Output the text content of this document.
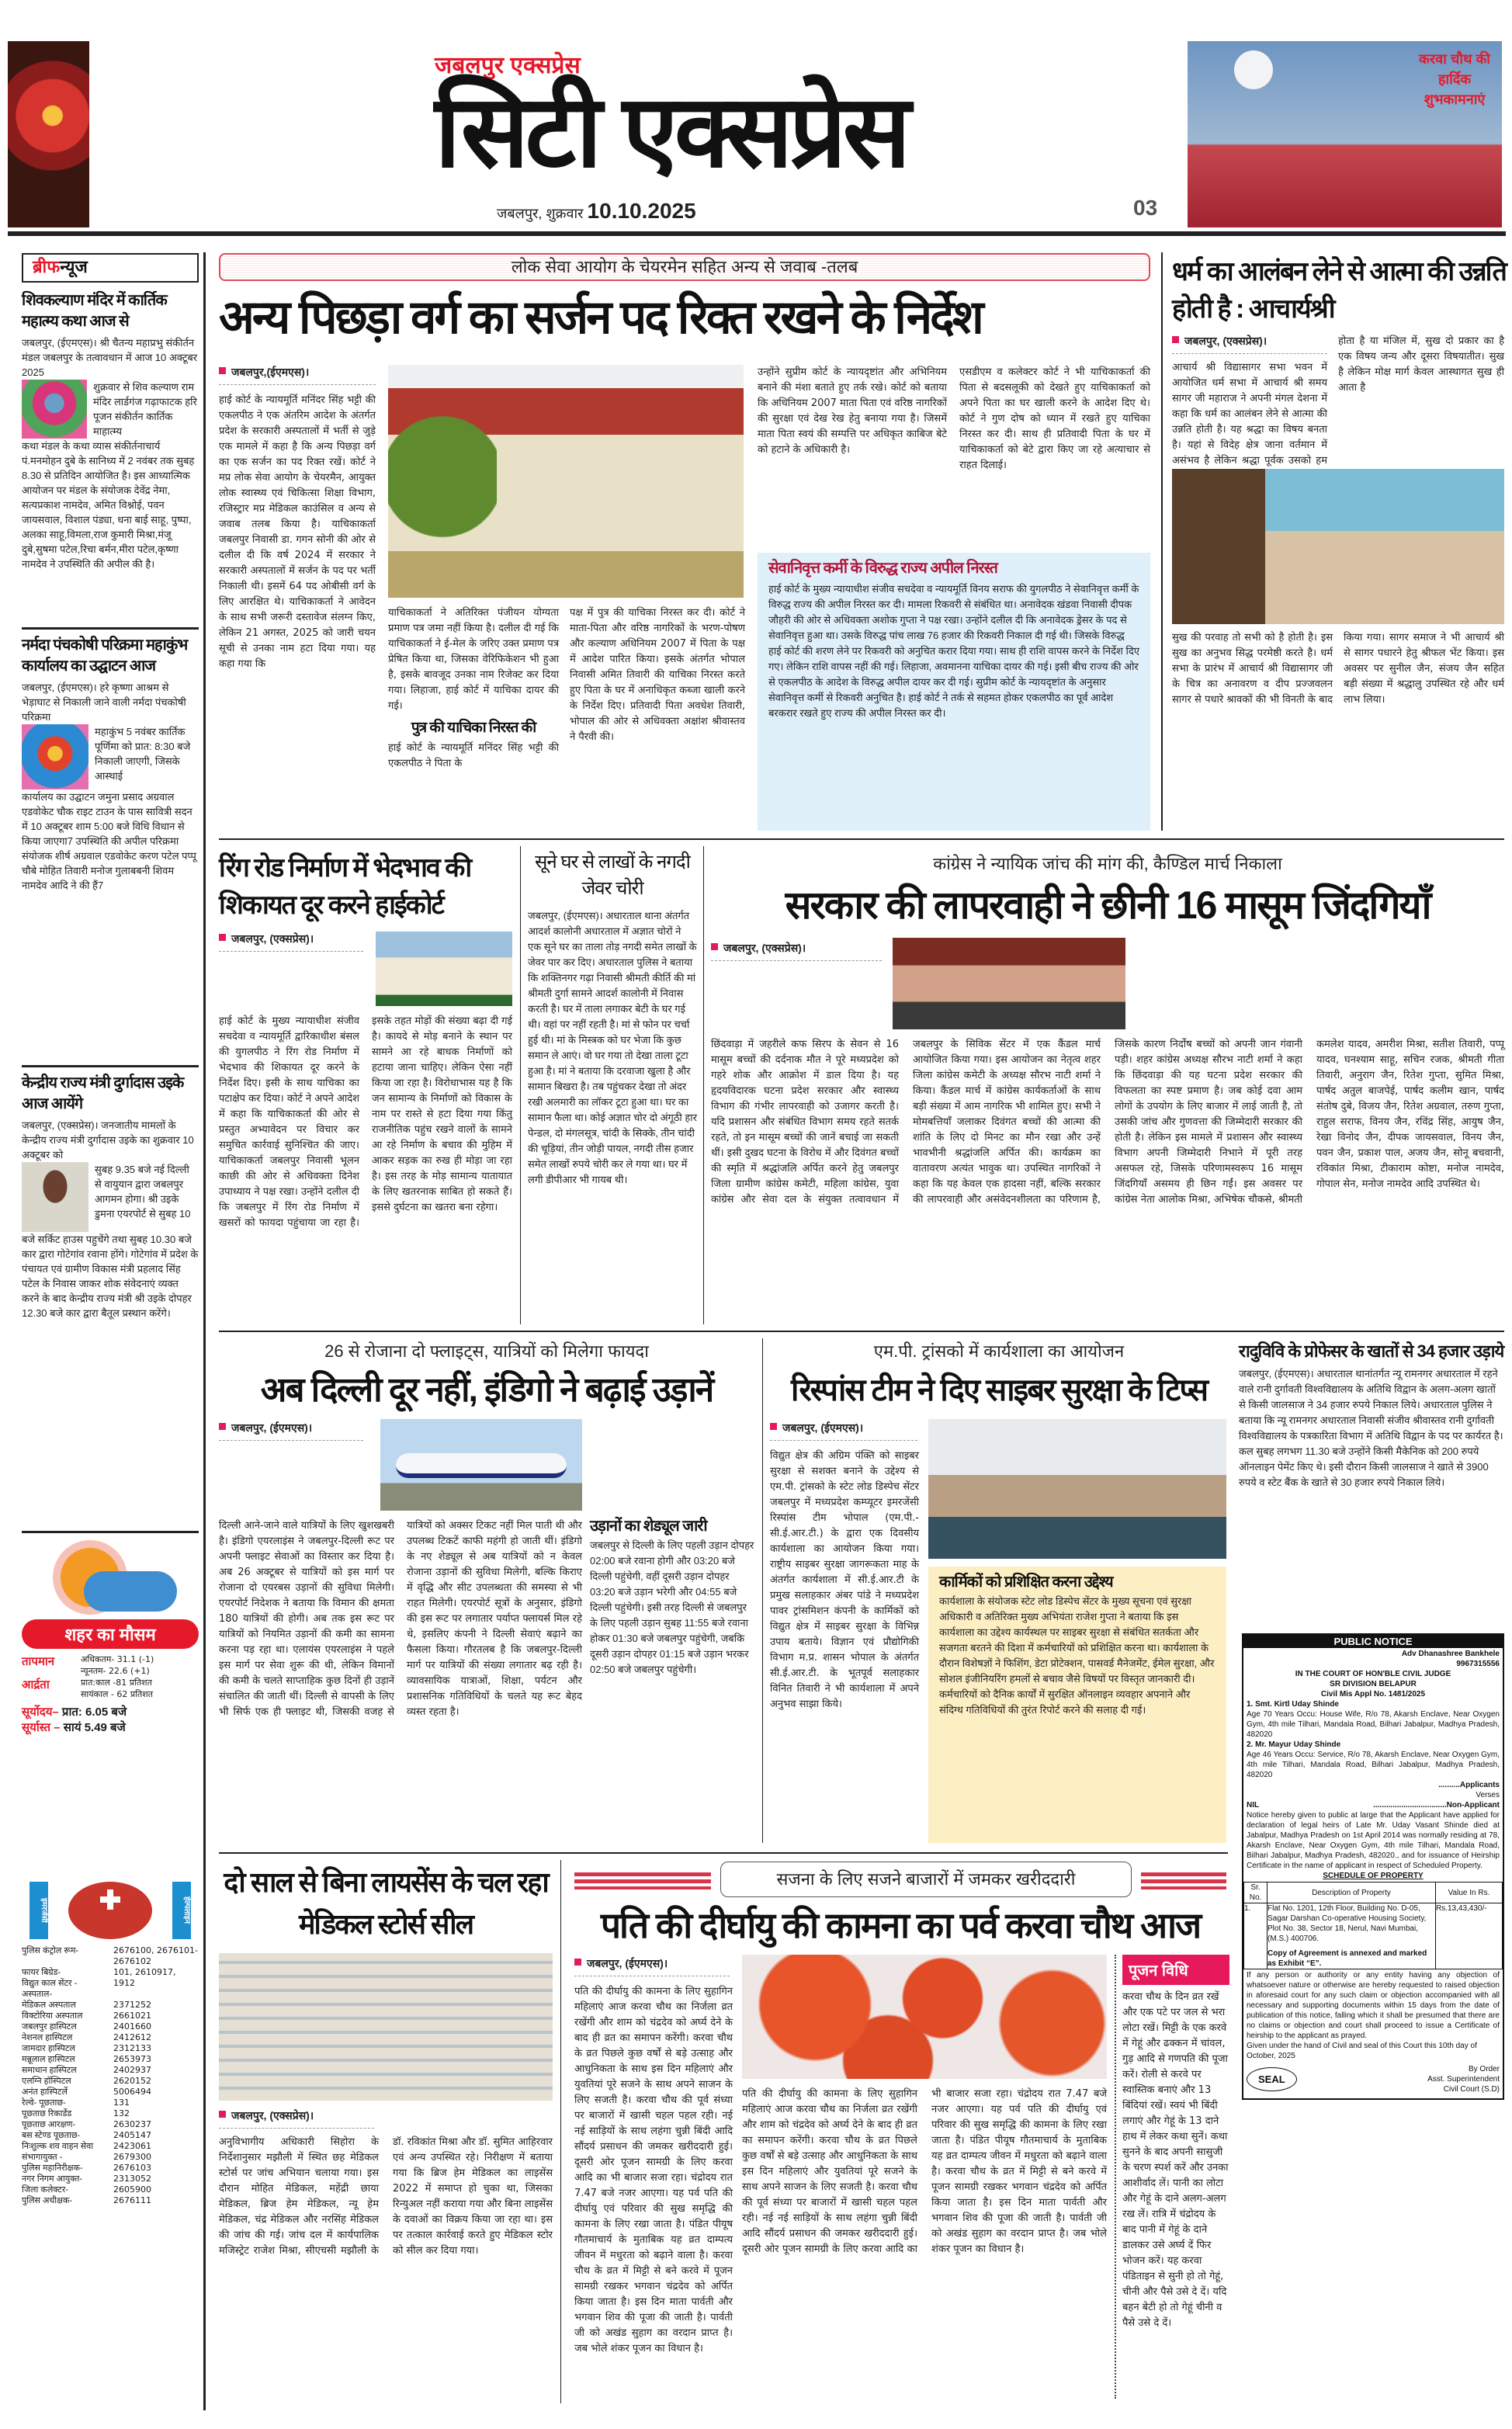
जबलपुर एक्सप्रेस
सिटी एक्सप्रेस
जबलपुर, शुक्रवार 10.10.2025	03
करवा चौथ की हार्दिक शुभकामनाएं
ब्रीफन्यूज
शिवकल्याण मंदिर में कार्तिक महात्म्य कथा आज से
जबलपुर, (ईएमएस)। श्री चैतन्य महाप्रभु संकीर्तन मंडल जबलपुर के तत्वावधान में आज 10 अक्टूबर 2025
शुक्रवार से शिव कल्याण राम मंदिर लार्डगंज गढ़ाफाटक हरि पूजन संकीर्तन कार्तिक माहात्म्य
कथा मंडल के कथा व्यास संकीर्तनाचार्य पं.मनमोहन दुबे के सानिध्य में 2 नवंबर तक सुबह 8.30 से प्रतिदिन आयोजित है। इस आध्यात्मिक आयोजन पर मंडल के संयोजक देवेंद्र नेमा, सत्यप्रकाश नामदेव, अमित विश्नोई, पवन जायसवाल, विशाल पंड्या, धना बाई साहू, पुष्पा, अलका साहू,विमला,राज कुमारी मिश्रा,मंजू दुबे,सुषमा पटेल,रिचा बर्मन,मीरा पटेल,कृष्णा नामदेव ने उपस्थिति की अपील की है।
नर्मदा पंचकोषी परिक्रमा महाकुंभ कार्यालय का उद्घाटन आज
जबलपुर, (ईएमएस)। हरे कृष्णा आश्रम से भेड़ाघाट से निकाली जाने वाली नर्मदा पंचकोषी परिक्रमा
महाकुंभ 5 नवंबर कार्तिक पूर्णिमा को प्रात: 8:30 बजे निकाली जाएगी, जिसके आस्थाई
कार्यालय का उद्घाटन जमुना प्रसाद अग्रवाल एडवोकेट चौक राइट टाउन के पास सावित्री सदन में 10 अक्टूबर शाम 5:00 बजे विधि विधान से किया जाएगा7 उपस्थिति की अपील परिक्रमा संयोजक शीर्ष अग्रवाल एडवोकेट करण पटेल पप्पू चौबे मोहित तिवारी मनोज गुलाबबनी शिवम नामदेव आदि ने की हैं7
केन्द्रीय राज्य मंत्री दुर्गादास उइके आज आयेंगे
जबलपुर, (एक्सप्रेस)। जनजातीय मामलों के केन्द्रीय राज्य मंत्री दुर्गादास उइके का शुक्रवार 10 अक्टूबर को
सुबह 9.35 बजे नई दिल्ली से वायुयान द्वारा जबलपुर आगमन होगा। श्री उइके डुमना एयरपोर्ट से सुबह 10
बजे सर्किट हाउस पहुचेंगे तथा सुबह 10.30 बजे कार द्वारा गोटेगांव रवाना होंगे। गोटेगांव में प्रदेश के पंचायत एवं ग्रामीण विकास मंत्री प्रहलाद सिंह पटेल के निवास जाकर शोक संवेदनाएं व्यक्त करने के बाद केन्द्रीय राज्य मंत्री श्री उइके दोपहर 12.30 बजे कार द्वारा बैतूल प्रस्थान करेंगे।
शहर का मौसम
तापमान	अधिकतम- 31.1 (-1)
न्यूनतम- 22.6 (+1)
आर्द्रता	प्रात:काल -81 प्रतिशत
सायंकाल - 62 प्रतिशत
सूर्योदय– प्रात: 6.05 बजे
सूर्यास्त – सायं 5.49 बजे
इमरजेंसी	हेल्पलाइन
पुलिस कंट्रोल रूम-	2676100, 2676101-2676102
फायर बिग्रेड-	101, 2610917,
विद्युत काल सेंटर -	1912
अस्पताल-
मेडिकल अस्पताल	2371252
विक्टोरिया अस्पताल	2661021
जबलपुर हास्पिटल	2401660
नेशनल हास्पिटल	2412612
जामदार हास्पिटल	2312133
मन्नूलाल हास्पिटल	2653973
समाधान हास्पिटल	2402937
एलग्नि हॉस्पिटल	2620152
अनंत हास्पिटर्ले	5006494
रेल्वे- पूछताछ-	131
पूछताछ रिकार्डेड	132
पूछताछ आरक्षण-	2630237
बस स्टेण्ड पूछताछ-	2405147
निःशुल्क शव वाहन सेवा	2423061
संभागायुक्त -	2679300
पुलिस महानिरीक्षक-	2676103
नगर निगम आयुक्त-	2313052
जिला कलेक्टर-	2605900
पुलिस अधीक्षक-	2676111
लोक सेवा आयोग के चेयरमेन सहित अन्य से जवाब -तलब
अन्य पिछड़ा वर्ग का सर्जन पद रिक्त रखने के निर्देश
जबलपुर,(ईएमएस)।
हाई कोर्ट के न्यायमूर्ति मनिंदर सिंह भट्टी की एकलपीठ ने एक अंतरिम आदेश के अंतर्गत प्रदेश के सरकारी अस्पतालों में भर्ती से जुड़े एक मामले में कहा है कि अन्य पिछड़ा वर्ग का एक सर्जन का पद रिक्त रखें। कोर्ट ने मप्र लोक सेवा आयोग के चेयरमैन, आयुक्त लोक स्वास्थ्य एवं चिकित्सा शिक्षा विभाग, रजिस्ट्रार मप्र मेडिकल काउंसिल व अन्य से जवाब तलब किया है। याचिकाकर्ता जबलपुर निवासी डा. गगन सोनी की ओर से दलील दी कि वर्ष 2024 में सरकार ने सरकारी अस्पतालों में सर्जन के पद पर भर्ती निकाली थी। इसमें 64 पद ओबीसी वर्ग के लिए आरक्षित थे। याचिकाकर्ता ने आवेदन के साथ सभी जरूरी दस्तावेज संलग्न किए, लेकिन 21 अगस्त, 2025 को जारी चयन सूची से उनका नाम हटा दिया गया। यह कहा गया कि
याचिकाकर्ता ने अतिरिक्त पंजीयन योग्यता प्रमाण पत्र जमा नहीं किया है। दलील दी गई कि याचिकाकर्ता ने ई-मेल के जरिए उक्त प्रमाण पत्र प्रेषित किया था, जिसका वेरिफिकेशन भी हुआ है, इसके बावजूद उनका नाम रिजेक्ट कर दिया गया। लिहाजा, हाई कोर्ट में याचिका दायर की गई।
पुत्र की याचिका निरस्त की
हाई कोर्ट के न्यायमूर्ति मनिंदर सिंह भट्टी की एकलपीठ ने पिता के
पक्ष में पुत्र की याचिका निरस्त कर दी। कोर्ट ने माता-पिता और वरिष्ठ नागरिकों के भरण-पोषण और कल्याण अधिनियम 2007 में पिता के पक्ष में आदेश पारित किया। इसके अंतर्गत भोपाल निवासी अमित तिवारी की याचिका निरस्त करते हुए पिता के घर में अनाधिकृत कब्जा खाली करने के निर्देश दिए। प्रतिवादी पिता अवधेश तिवारी, भोपाल की ओर से अधिवक्ता अक्षांश श्रीवास्तव ने पैरवी की।
उन्होंने सुप्रीम कोर्ट के न्यायदृष्टांत और अभिनियम बनाने की मंशा बताते हुए तर्क रखे। कोर्ट को बताया कि अधिनियम 2007 माता पिता एवं वरिष्ठ नागरिकों की सुरक्षा एवं देख रेख हेतु बनाया गया है। जिसमें माता पिता स्वयं की सम्पत्ति पर अधिकृत काबिज बेटे को हटाने के अधिकारी है।
एसडीएम व कलेक्टर कोर्ट ने भी याचिकाकर्ता की पिता से बदसलूकी को देखते हुए याचिकाकर्ता को अपने पिता का घर खाली करने के आदेश दिए थे। कोर्ट ने गुण दोष को ध्यान में रखते हुए याचिका निरस्त कर दी। साथ ही प्रतिवादी पिता के घर में याचिकाकर्ता को बेटे द्वारा किए जा रहे अत्याचार से राहत दिलाई।
सेवानिवृत्त कर्मी के विरुद्ध राज्य अपील निरस्त
हाई कोर्ट के मुख्य न्यायाधीश संजीव सचदेवा व न्यायमूर्ति विनय सराफ की युगलपीठ ने सेवानिवृत्त कर्मी के विरुद्ध राज्य की अपील निरस्त कर दी। मामला रिकवरी से संबंधित था। अनावेदक खंडवा निवासी दीपक जौहरी की ओर से अधिवक्ता अशोक गुप्ता ने पक्ष रखा। उन्होंने दलील दी कि अनावेदक ड्रेसर के पद से सेवानिवृत्त हुआ था। उसके विरुद्ध पांच लाख 76 हजार की रिकवरी निकाल दी गई थी। जिसके विरुद्ध हाई कोर्ट की शरण लेने पर रिकवरी को अनुचित करार दिया गया। साथ ही राशि वापस करने के निर्देश दिए गए। लेकिन राशि वापस नहीं की गई। लिहाजा, अवमानना याचिका दायर की गई। इसी बीच राज्य की ओर से एकलपीठ के आदेश के विरुद्ध अपील दायर कर दी गई। सुप्रीम कोर्ट के न्यायदृष्टांत के अनुसार सेवानिवृत्त कर्मी से रिकवरी अनुचित है। हाई कोर्ट ने तर्क से सहमत होकर एकलपीठ का पूर्व आदेश बरकरार रखते हुए राज्य की अपील निरस्त कर दी।
धर्म का आलंबन लेने से आत्मा की उन्नति होती है : आचार्यश्री
जबलपुर, (एक्सप्रेस)।
आचार्य श्री विद्यासागर सभा भवन में आयोजित धर्म सभा में आचार्य श्री समय सागर जी महाराज ने अपनी मंगल देशना में कहा कि धर्म का आलंबन लेने से आत्मा की उन्नति होती है। यह श्रद्धा का विषय बनता है। यहां से विदेह क्षेत्र जाना वर्तमान में असंभव है लेकिन श्रद्धा पूर्वक उसको हम
होता है या मंजिल में, सुख दो प्रकार का है एक विषय जन्य और दूसरा विषयातीत। सुख है लेकिन मोक्ष मार्ग केवल आस्थागत सुख ही आता है
सुख की परवाह तो सभी को है होती है। इस सुख का अनुभव सिद्ध परमेष्ठी करते है। धर्म सभा के प्रारंभ में आचार्य श्री विद्यासागर जी के चित्र का अनावरण व दीप प्रज्जवलन सागर से पधारे श्रावकों की भी विनती के बाद किया गया। सागर समाज ने भी आचार्य श्री से सागर पधारने हेतु श्रीफल भेंट किया। इस अवसर पर सुनील जैन, संजय जैन सहित बड़ी संख्या में श्रद्धालु उपस्थित रहे और धर्म लाभ लिया।
रिंग रोड निर्माण में भेदभाव की शिकायत दूर करने हाईकोर्ट
जबलपुर, (एक्सप्रेस)।
हाई कोर्ट के मुख्य न्यायाधीश संजीव सचदेवा व न्यायमूर्ति द्वारिकाधीश बंसल की युगलपीठ ने रिंग रोड निर्माण में भेदभाव की शिकायत दूर करने के निर्देश दिए। इसी के साथ याचिका का पटाक्षेप कर दिया। कोर्ट ने अपने आदेश में कहा कि याचिकाकर्ता की ओर से प्रस्तुत अभ्यावेदन पर विचार कर समुचित कार्रवाई सुनिश्चित की जाए। याचिकाकर्ता जबलपुर निवासी भूलन काछी की ओर से अधिवक्ता दिनेश उपाध्याय ने पक्ष रखा। उन्होंने दलील दी कि जबलपुर में रिंग रोड निर्माण में खसरों को फायदा पहुंचाया जा रहा है। इसके तहत मोड़ों की संख्या बढ़ा दी गई है। कायदे से मोड़ बनाने के स्थान पर सामने आ रहे बाधक निर्माणों को हटाया जाना चाहिए। लेकिन ऐसा नहीं किया जा रहा है। विरोधाभास यह है कि जन सामान्य के निर्माणों को विकास के नाम पर रास्ते से हटा दिया गया किंतु राजनीतिक पहुंच रखने वालों के सामने आ रहे निर्माण के बचाव की मुहिम में आकर सड़क का रुख ही मोड़ा जा रहा है। इस तरह के मोड़ सामान्य यातायात के लिए खतरनाक साबित हो सकते हैं। इससे दुर्घटना का खतरा बना रहेगा।
सूने घर से लाखों के नगदी जेवर चोरी
जबलपुर, (ईएमएस)। अधारताल थाना अंतर्गत आदर्श कालोनी अधारताल में अज्ञात चोरों ने एक सूने घर का ताला तोड़ नगदी समेत लाखों के जेवर पार कर दिए। अधारताल पुलिस ने बताया कि शक्तिनगर गढ़ा निवासी श्रीमती कीर्ति की मां श्रीमती दुर्गा सामने आदर्श कालोनी में निवास करती है। घर में ताला लगाकर बेटी के घर गई थी। वहां पर नहीं रहती है। मां से फोन पर चर्चा हुई थी। मां के मिस्त्रक को घर भेजा कि कुछ समान ले आएं। वो घर गया तो देखा ताला टूटा हुआ है। मां ने बताया कि दरवाजा खुला है और सामान बिखरा है। तब पहुंचकर देखा तो अंदर रखी अलमारी का लॉकर टूटा हुआ था। घर का सामान फैला था। कोई अज्ञात चोर दो अंगूठी हार पेन्डल, दो मंगलसूत्र, चांदी के सिक्के, तीन चांदी की चूड़ियां, तीन जोड़ी पायल, नगदी तीस हजार समेत लाखों रुपये चोरी कर ले गया था। घर में लगी डीपीआर भी गायब थी।
कांग्रेस ने न्यायिक जांच की मांग की, कैण्डिल मार्च निकाला
सरकार की लापरवाही ने छीनी 16 मासूम जिंदगियाँ
जबलपुर, (एक्सप्रेस)।
छिंदवाड़ा में जहरीले कफ सिरप के सेवन से 16 मासूम बच्चों की दर्दनाक मौत ने पूरे मध्यप्रदेश को गहरे शोक और आक्रोश में डाल दिया है। यह हृदयविदारक घटना प्रदेश सरकार और स्वास्थ्य विभाग की गंभीर लापरवाही को उजागर करती है। यदि प्रशासन और संबंधित विभाग समय रहते सतर्क रहते, तो इन मासूम बच्चों की जानें बचाई जा सकती थीं। इसी दुखद घटना के विरोध में और दिवंगत बच्चों की स्मृति में श्रद्धांजलि अर्पित करने हेतु जबलपुर जिला ग्रामीण कांग्रेस कमेटी, महिला कांग्रेस, युवा कांग्रेस और सेवा दल के संयुक्त तत्वावधान में जबलपुर के सिविक सेंटर में एक कैंडल मार्च आयोजित किया गया। इस आयोजन का नेतृत्व शहर जिला कांग्रेस कमेटी के अध्यक्ष सौरभ नाटी शर्मा ने किया। कैंडल मार्च में कांग्रेस कार्यकर्ताओं के साथ बड़ी संख्या में आम नागरिक भी शामिल हुए। सभी ने मोमबत्तियाँ जलाकर दिवंगत बच्चों की आत्मा की शांति के लिए दो मिनट का मौन रखा और उन्हें भावभीनी श्रद्धांजलि अर्पित की। कार्यक्रम का वातावरण अत्यंत भावुक था। उपस्थित नागरिकों ने कहा कि यह केवल एक हादसा नहीं, बल्कि सरकार की लापरवाही और असंवेदनशीलता का परिणाम है, जिसके कारण निर्दोष बच्चों को अपनी जान गंवानी पड़ी। शहर कांग्रेस अध्यक्ष सौरभ नाटी शर्मा ने कहा कि छिंदवाड़ा की यह घटना प्रदेश सरकार की विफलता का स्पष्ट प्रमाण है। जब कोई दवा आम लोगों के उपयोग के लिए बाजार में लाई जाती है, तो उसकी जांच और गुणवत्ता की जिम्मेदारी सरकार की होती है। लेकिन इस मामले में प्रशासन और स्वास्थ्य विभाग अपनी जिम्मेदारी निभाने में पूरी तरह असफल रहे, जिसके परिणामस्वरूप 16 मासूम जिंदगियाँ असमय ही छिन गईं। इस अवसर पर कांग्रेस नेता आलोक मिश्रा, अभिषेक चौकसे, श्रीमती कमलेश यादव, अमरीश मिश्रा, सतीश तिवारी, पप्पू यादव, घनश्याम साहू, सचिन रजक, श्रीमती गीता तिवारी, अनुराग जैन, रितेश गुप्ता, सुमित मिश्रा, पार्षद अतुल बाजपेई, पार्षद कलीम खान, पार्षद संतोष दुबे, विजय जैन, रितेश अग्रवाल, तरुण गुप्ता, राहुल सराफ, विनय जैन, रविंद्र सिंह, आयुष जैन, रेखा विनोद जैन, दीपक जायसवाल, विनय जैन, पवन जैन, प्रकाश पाल, अजय जैन, सोनू बचवानी, रविकांत मिश्रा, टीकाराम कोष्टा, मनोज नामदेव, गोपाल सेन, मनोज नामदेव आदि उपस्थित थे।
26 से रोजाना दो फ्लाइट्स, यात्रियों को मिलेगा फायदा
अब दिल्ली दूर नहीं, इंडिगो ने बढ़ाई उड़ानें
जबलपुर, (ईएमएस)।
दिल्ली आने-जाने वाले यात्रियों के लिए खुशखबरी है। इंडिगो एयरलाइंस ने जबलपुर-दिल्ली रूट पर अपनी फ्लाइट सेवाओं का विस्तार कर दिया है। अब 26 अक्टूबर से यात्रियों को इस मार्ग पर रोजाना दो एयरबस उड़ानों की सुविधा मिलेगी। एयरपोर्ट निदेशक ने बताया कि विमान की क्षमता 180 यात्रियों की होगी। अब तक इस रूट पर यात्रियों को नियमित उड़ानों की कमी का सामना करना पड़ रहा था। एलायंस एयरलाइंस ने पहले इस मार्ग पर सेवा शुरू की थी, लेकिन विमानों की कमी के चलते साप्ताहिक कुछ दिनों ही उड़ानें संचालित की जाती थीं। दिल्ली से वापसी के लिए भी सिर्फ एक ही फ्लाइट थी, जिसकी वजह से यात्रियों को अक्सर टिकट नहीं मिल पाती थी और उपलब्ध टिकटें काफी महंगी हो जाती थीं। इंडिगो के नए शेड्यूल से अब यात्रियों को न केवल रोजाना उड़ानों की सुविधा मिलेगी, बल्कि किराए में वृद्धि और सीट उपलब्धता की समस्या से भी राहत मिलेगी। एयरपोर्ट सूत्रों के अनुसार, इंडिगो की इस रूट पर लगातार पर्याप्त फ्लायर्स मिल रहे थे, इसलिए कंपनी ने दिल्ली सेवाएं बढ़ाने का फैसला किया। गौरतलब है कि जबलपुर-दिल्ली मार्ग पर यात्रियों की संख्या लगातार बढ़ रही है। व्यावसायिक यात्राओं, शिक्षा, पर्यटन और प्रशासनिक गतिविधियों के चलते यह रूट बेहद व्यस्त रहता है।
उड़ानों का शेड्यूल जारी
जबलपुर से दिल्ली के लिए पहली उड़ान दोपहर 02:00 बजे रवाना होगी और 03:20 बजे दिल्ली पहुंचेगी, वहीं दूसरी उड़ान दोपहर 03:20 बजे उड़ान भरेगी और 04:55 बजे दिल्ली पहुंचेगी। इसी तरह दिल्ली से जबलपुर के लिए पहली उड़ान सुबह 11:55 बजे रवाना होकर 01:30 बजे जबलपुर पहुंचेगी, जबकि दूसरी उड़ान दोपहर 01:15 बजे उड़ान भरकर 02:50 बजे जबलपुर पहुंचेगी।
एम.पी. ट्रांसको में कार्यशाला का आयोजन
रिस्पांस टीम ने दिए साइबर सुरक्षा के टिप्स
जबलपुर, (ईएमएस)।
विद्युत क्षेत्र की अग्रिम पंक्ति को साइबर सुरक्षा से सशक्त बनाने के उद्देश्य से एम.पी. ट्रांसको के स्टेट लोड डिस्पेच सेंटर जबलपुर में मध्यप्रदेश कम्प्यूटर इमरजेंसी रिस्पांस टीम भोपाल (एम.पी.-सी.ई.आर.टी.) के द्वारा एक दिवसीय कार्यशाला का आयोजन किया गया। राष्ट्रीय साइबर सुरक्षा जागरूकता माह के अंतर्गत कार्यशाला में सी.ई.आर.टी के प्रमुख सलाहकार अंबर पांडे ने मध्यप्रदेश पावर ट्रांसमिशन कंपनी के कार्मिकों को विद्युत क्षेत्र में साइबर सुरक्षा के विभिन्न उपाय बताये। विज्ञान एवं प्रौद्योगिकी विभाग म.प्र. शासन भोपाल के अंतर्गत सी.ई.आर.टी. के भूतपूर्व सलाहकार विनित तिवारी ने भी कार्यशाला में अपने अनुभव साझा किये।
कार्मिकों को प्रशिक्षित करना उद्देश्य
कार्यशाला के संयोजक स्टेट लोड डिस्पेच सेंटर के मुख्य सूचना एवं सुरक्षा अधिकारी व अतिरिक्त मुख्य अभियंता राजेश गुप्ता ने बताया कि इस कार्यशाला का उद्देश्य कार्यस्थल पर साइबर सुरक्षा से संबंधित सतर्कता और सजगता बरतने की दिशा में कर्मचारियों को प्रशिक्षित करना था। कार्यशाला के दौरान विशेषज्ञों ने फिशिंग, डेटा प्रोटेक्शन, पासवर्ड मैनेजमेंट, ईमेल सुरक्षा, और सोशल इंजीनियरिंग हमलों से बचाव जैसे विषयों पर विस्तृत जानकारी दी। कर्मचारियों को दैनिक कार्यों में सुरक्षित ऑनलाइन व्यवहार अपनाने और संदिग्ध गतिविधियों की तुरंत रिपोर्ट करने की सलाह दी गई।
रादुविवि के प्रोफेसर के खातों से 34 हजार उड़ाये
जबलपुर, (ईएमएस)। अधारताल थानांतर्गत न्यू रामनगर अधारताल में रहने वाले रानी दुर्गावती विश्वविद्यालय के अतिथि विद्वान के अलग-अलग खातों से किसी जालसाज ने 34 हजार रुपये निकाल लिये। अधारताल पुलिस ने बताया कि न्यू रामनगर अधारताल निवासी संजीव श्रीवास्तव रानी दुर्गावती विश्वविद्यालय के पत्रकारिता विभाग में अतिथि विद्वान के पद पर कार्यरत है। कल सुबह लगभग 11.30 बजे उन्होंने किसी मैकेनिक को 200 रुपये ऑनलाइन पेमेंट किए थे। इसी दौरान किसी जालसाज ने खाते से 3900 रुपये व स्टेट बैंक के खाते से 30 हजार रुपये निकाल लिये।
PUBLIC NOTICE
Adv Dhanashree Bankhele
9967315556
IN THE COURT OF HON'BLE CIVIL JUDGE
SR DIVISION BELAPUR
Civil Mis Appl No. 1481/2025
1. Smt. Kirtl Uday Shinde
Age 70 Years Occu: House Wife, R/o 78, Akarsh Enclave, Near Oxygen Gym, 4th mile Tilhari, Mandala Road, Bilhari Jabalpur, Madhya Pradesh, 482020
2. Mr. Mayur Uday Shinde
Age 46 Years Occu: Service, R/o 78, Akarsh Enclave, Near Oxygen Gym, 4th mile Tilhari, Mandala Road, Bilhari Jabalpur, Madhya Pradesh, 482020
..........Applicants
Verses
NIL	..................................Non-Applicant
Notice hereby given to public at large that the Applicant have applied for declaration of legal heirs of Late Mr. Uday Vasant Shinde died at Jabalpur, Madhya Pradesh on 1st April 2014 was normally residing at 78, Akarsh Enclave, Near Oxygen Gym, 4th mile Tilhari, Mandala Road, Bilhari Jabalpur, Madhya Pradesh, 482020., and for issuance of Heirship Certificate in the name of applicant in respect of Scheduled Property.
SCHEDULE OF PROPERTY
Sr. No.	Description of Property	Value In Rs.
1.	Flat No. 1201, 12th Floor, Building No. D-05, Sagar Darshan Co-operative Housing Society, Plot No. 38, Sector 18, Nerul, Navi Mumbai, (M.S.) 400706.
Copy of Agreement is annexed and marked as Exhibit “E”.	Rs.13,43,430/-
If any person or authority or any entity having any objection of whatsoever nature or otherwise are hereby requested to raised objection in aforesaid court for any such claim or objection accompanied with all necessary and supporting documents within 15 days from the date of publication of this notice, falling which it shall be presumed that there are no claims or objection and court shall proceed to issue a Certificate of heirship to the applicant as prayed.
Given under the hand of Civil and seal of this Court this 10th day of October, 2025
SEAL
By Order
Asst. Superintendent
Civil Court (S.D)
दो साल से बिना लायसेंस के चल रहा मेडिकल स्टोर्स सील
जबलपुर, (एक्सप्रेस)।
अनुविभागीय अधिकारी सिहोरा के निर्देशानुसार मझौली में स्थित छह मेडिकल स्टोर्स पर जांच अभियान चलाया गया। इस दौरान मोहित मेडिकल, महेंद्री छाया मेडिकल, ब्रिज हेम मेडिकल, न्यू हेम मेडिकल, चंद्र मेडिकल और नरसिंह मेडिकल की जांच की गई। जांच दल में कार्यपालिक मजिस्ट्रेट राजेश मिश्रा, सीएचसी मझौली के डॉ. रविकांत मिश्रा और डॉ. सुमित आहिरवार एवं अन्य उपस्थित रहे। निरीक्षण में बताया गया कि ब्रिज हेम मेडिकल का लाइसेंस 2022 में समाप्त हो चुका था, जिसका रिन्युअल नहीं कराया गया और बिना लाइसेंस के दवाओं का विक्रय किया जा रहा था। इस पर तत्काल कार्रवाई करते हुए मेडिकल स्टोर को सील कर दिया गया।
सजना के लिए सजने बाजारों में जमकर खरीददारी
पति की दीर्घायु की कामना का पर्व करवा चौथ आज
जबलपुर, (ईएमएस)।
पति की दीर्घायु की कामना के लिए सुहागिन महिलाएं आज करवा चौथ का निर्जला व्रत रखेंगी और शाम को चंद्रदेव को अर्घ्य देने के बाद ही व्रत का समापन करेंगी। करवा चौथ के व्रत पिछले कुछ वर्षों से बड़े उत्साह और आधुनिकता के साथ इस दिन महिलाएं और युवतियां पूरे सजने के साथ अपने साजन के लिए सजती है। करवा चौथ की पूर्व संध्या पर बाजारों में खासी चहल पहल रही। नई नई साड़ियों के साथ लहंगा चुन्नी बिंदी आदि सौंदर्य प्रसाधन की जमकर खरीददारी हुई। दूसरी ओर पूजन सामग्री के लिए करवा आदि का भी बाजार सजा रहा। चंद्रोदय रात 7.47 बजे नजर आएगा। यह पर्व पति की दीर्घायु एवं परिवार की सुख समृद्धि की कामना के लिए रखा जाता है। पंडित पीयूष गौतमाचार्य के मुताबिक यह व्रत दाम्पत्य जीवन में मधुरता को बढ़ाने वाला है। करवा चौथ के व्रत में मिट्टी से बने करवे में पूजन सामग्री रखकर भगवान चंद्रदेव को अर्पित किया जाता है। इस दिन माता पार्वती और भगवान शिव की पूजा की जाती है। पार्वती जी को अखंड सुहाग का वरदान प्राप्त है। जब भोले शंकर पूजन का विधान है।
पति की दीर्घायु की कामना के लिए सुहागिन महिलाएं आज करवा चौथ का निर्जला व्रत रखेंगी और शाम को चंद्रदेव को अर्घ्य देने के बाद ही व्रत का समापन करेंगी। करवा चौथ के व्रत पिछले कुछ वर्षों से बड़े उत्साह और आधुनिकता के साथ इस दिन महिलाएं और युवतियां पूरे सजने के साथ अपने साजन के लिए सजती है। करवा चौथ की पूर्व संध्या पर बाजारों में खासी चहल पहल रही। नई नई साड़ियों के साथ लहंगा चुन्नी बिंदी आदि सौंदर्य प्रसाधन की जमकर खरीददारी हुई। दूसरी ओर पूजन सामग्री के लिए करवा आदि का भी बाजार सजा रहा। चंद्रोदय रात 7.47 बजे नजर आएगा। यह पर्व पति की दीर्घायु एवं परिवार की सुख समृद्धि की कामना के लिए रखा जाता है। पंडित पीयूष गौतमाचार्य के मुताबिक यह व्रत दाम्पत्य जीवन में मधुरता को बढ़ाने वाला है। करवा चौथ के व्रत में मिट्टी से बने करवे में पूजन सामग्री रखकर भगवान चंद्रदेव को अर्पित किया जाता है। इस दिन माता पार्वती और भगवान शिव की पूजा की जाती है। पार्वती जी को अखंड सुहाग का वरदान प्राप्त है। जब भोले शंकर पूजन का विधान है।
पूजन विधि
करवा चौथ के दिन व्रत रखें और एक पटे पर जल से भरा लोटा रखें। मिट्टी के एक करवे में गेहूं और ढक्कन में चांवल, गुड़ आदि से गणपति की पूजा करें। रोली से करवे पर स्वास्तिक बनाएं और 13 बिंदियां रखें। स्वयं भी बिंदी लगाएं और गेहूं के 13 दाने हाथ में लेकर कथा सुनें। कथा सुनने के बाद अपनी सासुजी के चरण स्पर्श करें और उनका आशीर्वाद लें। पानी का लोटा और गेहूं के दाने अलग-अलग रख लें। रात्रि में चंद्रोदय के बाद पानी में गेहूं के दाने डालकर उसे अर्घ्य दें फिर भोजन करें। यह करवा पंडिताइन से सुनी हो तो गेहूं, चीनी और पैसे उसे दे दें। यदि बहन बेटी हो तो गेहूं चीनी व पैसे उसे दे दें।
